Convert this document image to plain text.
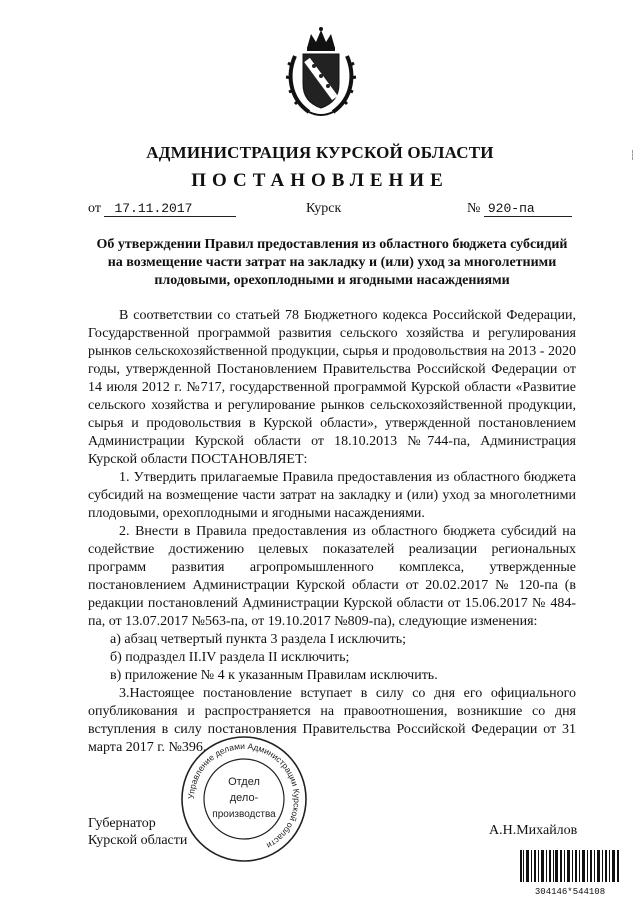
АДМИНИСТРАЦИЯ КУРСКОЙ ОБЛАСТИ
ПОСТАНОВЛЕНИЕ
от 17.11.2017	Курск	№ 920-па
Об утверждении Правил предоставления из областного бюджета субсидий на возмещение части затрат на закладку и (или) уход за многолетними плодовыми, орехоплодными и ягодными насаждениями

В соответствии со статьей 78 Бюджетного кодекса Российской Федерации, Государственной программой развития сельского хозяйства и регулирования рынков сельскохозяйственной продукции, сырья и продовольствия на 2013 - 2020 годы, утвержденной Постановлением Правительства Российской Федерации от 14 июля 2012 г. №717, государственной программой Курской области «Развитие сельского хозяйства и регулирование рынков сельскохозяйственной продукции, сырья и продовольствия в Курской области», утвержденной постановлением Администрации Курской области от 18.10.2013 №744-па, Администрация Курской области ПОСТАНОВЛЯЕТ:

1. Утвердить прилагаемые Правила предоставления из областного бюджета субсидий на возмещение части затрат на закладку и (или) уход за многолетними плодовыми, орехоплодными и ягодными насаждениями.

2. Внести в Правила предоставления из областного бюджета субсидий на содействие достижению целевых показателей реализации региональных программ развития агропромышленного комплекса, утвержденные постановлением Администрации Курской области от 20.02.2017 № 120-па (в редакции постановлений Администрации Курской области от 15.06.2017 № 484-па, от 13.07.2017 №563-па, от 19.10.2017 №809-па), следующие изменения:

а) абзац четвертый пункта 3 раздела I исключить;

б) подраздел II.IV раздела II исключить;

в) приложение № 4 к указанным Правилам исключить.

3.Настоящее постановление вступает в силу со дня его официального опубликования и распространяется на правоотношения, возникшие со дня вступления в силу постановления Правительства Российской Федерации от 31 марта 2017 г. №396.

Губернатор
Курской области
А.Н.Михайлов
Управление делами Администрации Курской области
Отдел
дело-
производства
304146*544108
